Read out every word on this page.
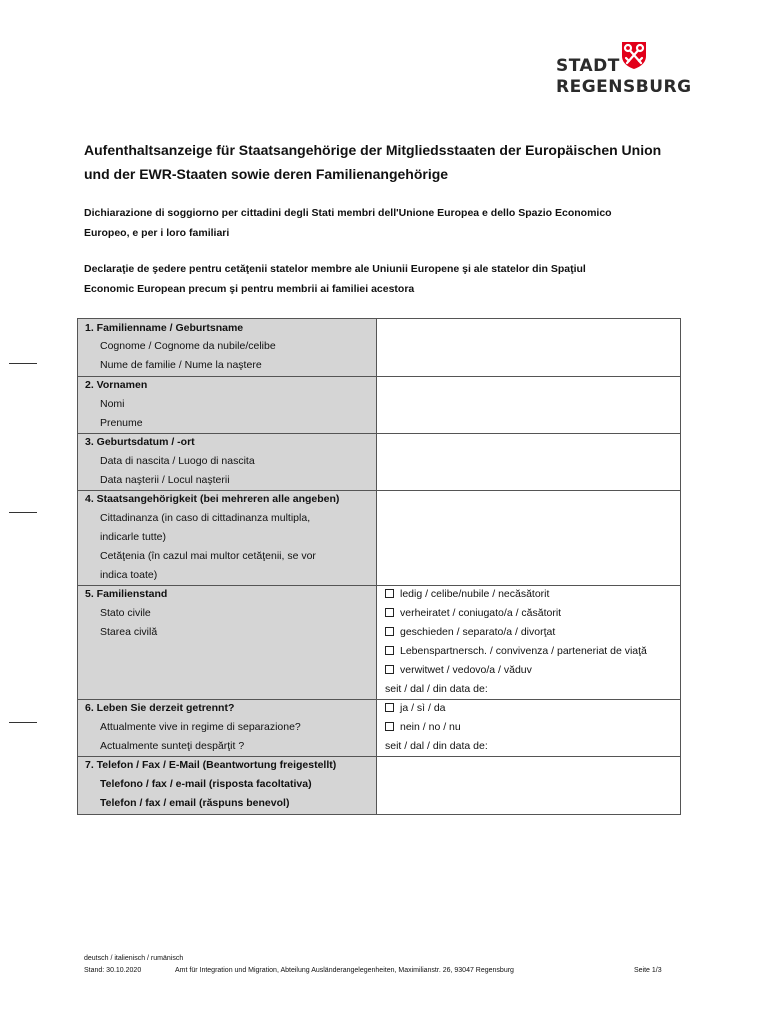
STADT
REGENSBURG
Aufenthaltsanzeige für Staatsangehörige der Mitgliedsstaaten der Europäischen Union
und der EWR-Staaten sowie deren Familienangehörige
Dichiarazione di soggiorno per cittadini degli Stati membri dell'Unione Europea e dello Spazio Economico
Europeo, e per i loro familiari
Declaraţie de şedere pentru cetăţenii statelor membre ale Uniunii Europene şi ale statelor din Spaţiul
Economic European precum şi pentru membrii ai familiei acestora
1. Familienname / Geburtsname
Cognome / Cognome da nubile/celibe
Nume de familie / Nume la naştere
2. Vornamen
Nomi
Prenume
3. Geburtsdatum / -ort
Data di nascita / Luogo di nascita
Data naşterii / Locul naşterii
4. Staatsangehörigkeit (bei mehreren alle angeben)
Cittadinanza (in caso di cittadinanza multipla,
indicarle tutte)
Cetăţenia (în cazul mai multor cetăţenii, se vor
indica toate)
5. Familienstand
Stato civile
Starea civilă
ledig / celibe/nubile / necăsătorit
verheiratet / coniugato/a / căsătorit
geschieden / separato/a / divorţat
Lebenspartnersch. / convivenza / parteneriat de viaţă
verwitwet / vedovo/a / văduv
seit / dal / din data de:
6. Leben Sie derzeit getrennt?
Attualmente vive in regime di separazione?
Actualmente sunteţi despărţit ?
ja / sì / da
nein / no / nu
seit / dal / din data de:
7. Telefon / Fax / E-Mail (Beantwortung freigestellt)
Telefono / fax / e-mail (risposta facoltativa)
Telefon / fax / email (răspuns benevol)
deutsch / italienisch / rumänisch
Stand: 30.10.2020	Amt für Integration und Migration, Abteilung Ausländerangelegenheiten, Maximilianstr. 26, 93047 Regensburg	Seite 1/3
